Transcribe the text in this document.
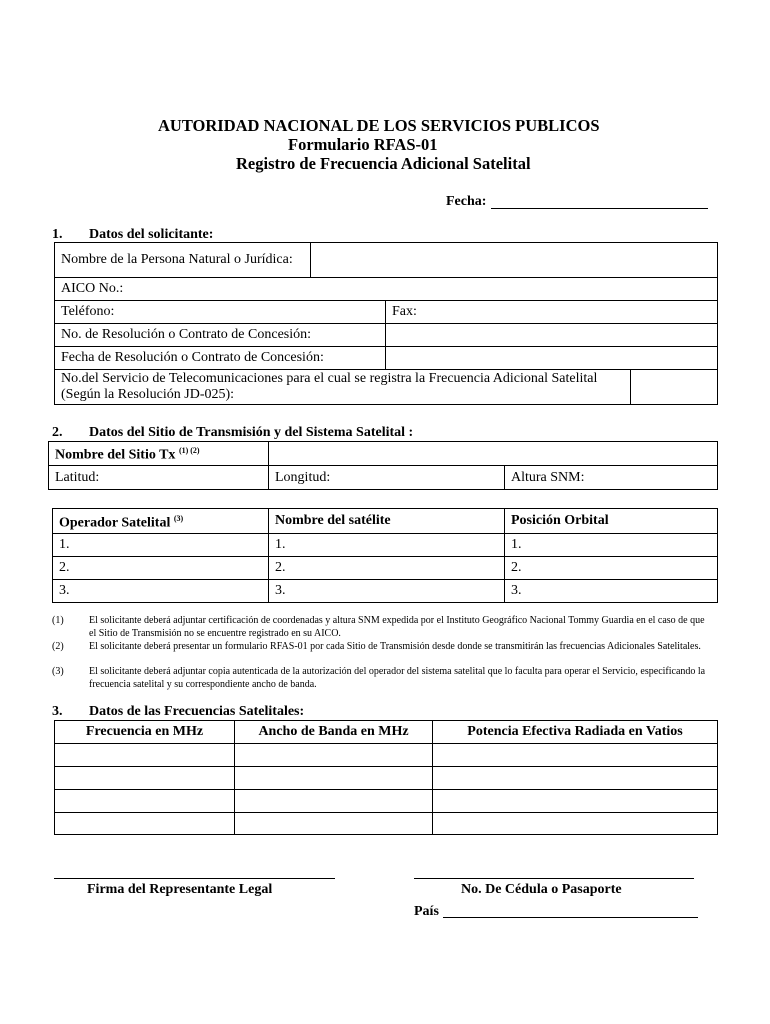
AUTORIDAD NACIONAL DE LOS SERVICIOS PUBLICOS
Formulario RFAS-01
Registro de Frecuencia Adicional Satelital
Fecha:
1. Datos del solicitante:
Nombre de la Persona Natural o Jurídica:			
AICO No.:			
Teléfono:		Fax:	
No. de Resolución o Contrato de Concesión:			
Fecha de Resolución o Contrato de Concesión:			
No.del Servicio de Telecomunicaciones para el cual se registra la Frecuencia Adicional Satelital (Según la Resolución JD-025):			
2. Datos del Sitio de Transmisión y del Sistema Satelital :
Nombre del Sitio Tx $^{(1) (2)}$	
Latitud:	Longitud:	Altura SNM:
Operador Satelital $^{(3)}$	Nombre del satélite	Posición Orbital
1.	1.	1.
2.	2.	2.
3.	3.	3.
(1)	El solicitante deberá adjuntar certificación de coordenadas y altura SNM expedida por el Instituto Geográfico Nacional Tommy Guardia en el caso de que el Sitio de Transmisión no se encuentre registrado en su AICO.
(2)	El solicitante deberá presentar un formulario RFAS-01 por cada Sitio de Transmisión desde donde se transmitirán las frecuencias Adicionales Satelitales.
(3)	El solicitante deberá adjuntar copia autenticada de la autorización del operador del sistema satelital que lo faculta para operar el Servicio, especificando la frecuencia satelital y su correspondiente ancho de banda.
3. Datos de las Frecuencias Satelitales:
Frecuencia en MHz	Ancho de Banda en MHz	Potencia Efectiva Radiada en Vatios

Firma del Representante Legal	No. De Cédula o Pasaporte
País
